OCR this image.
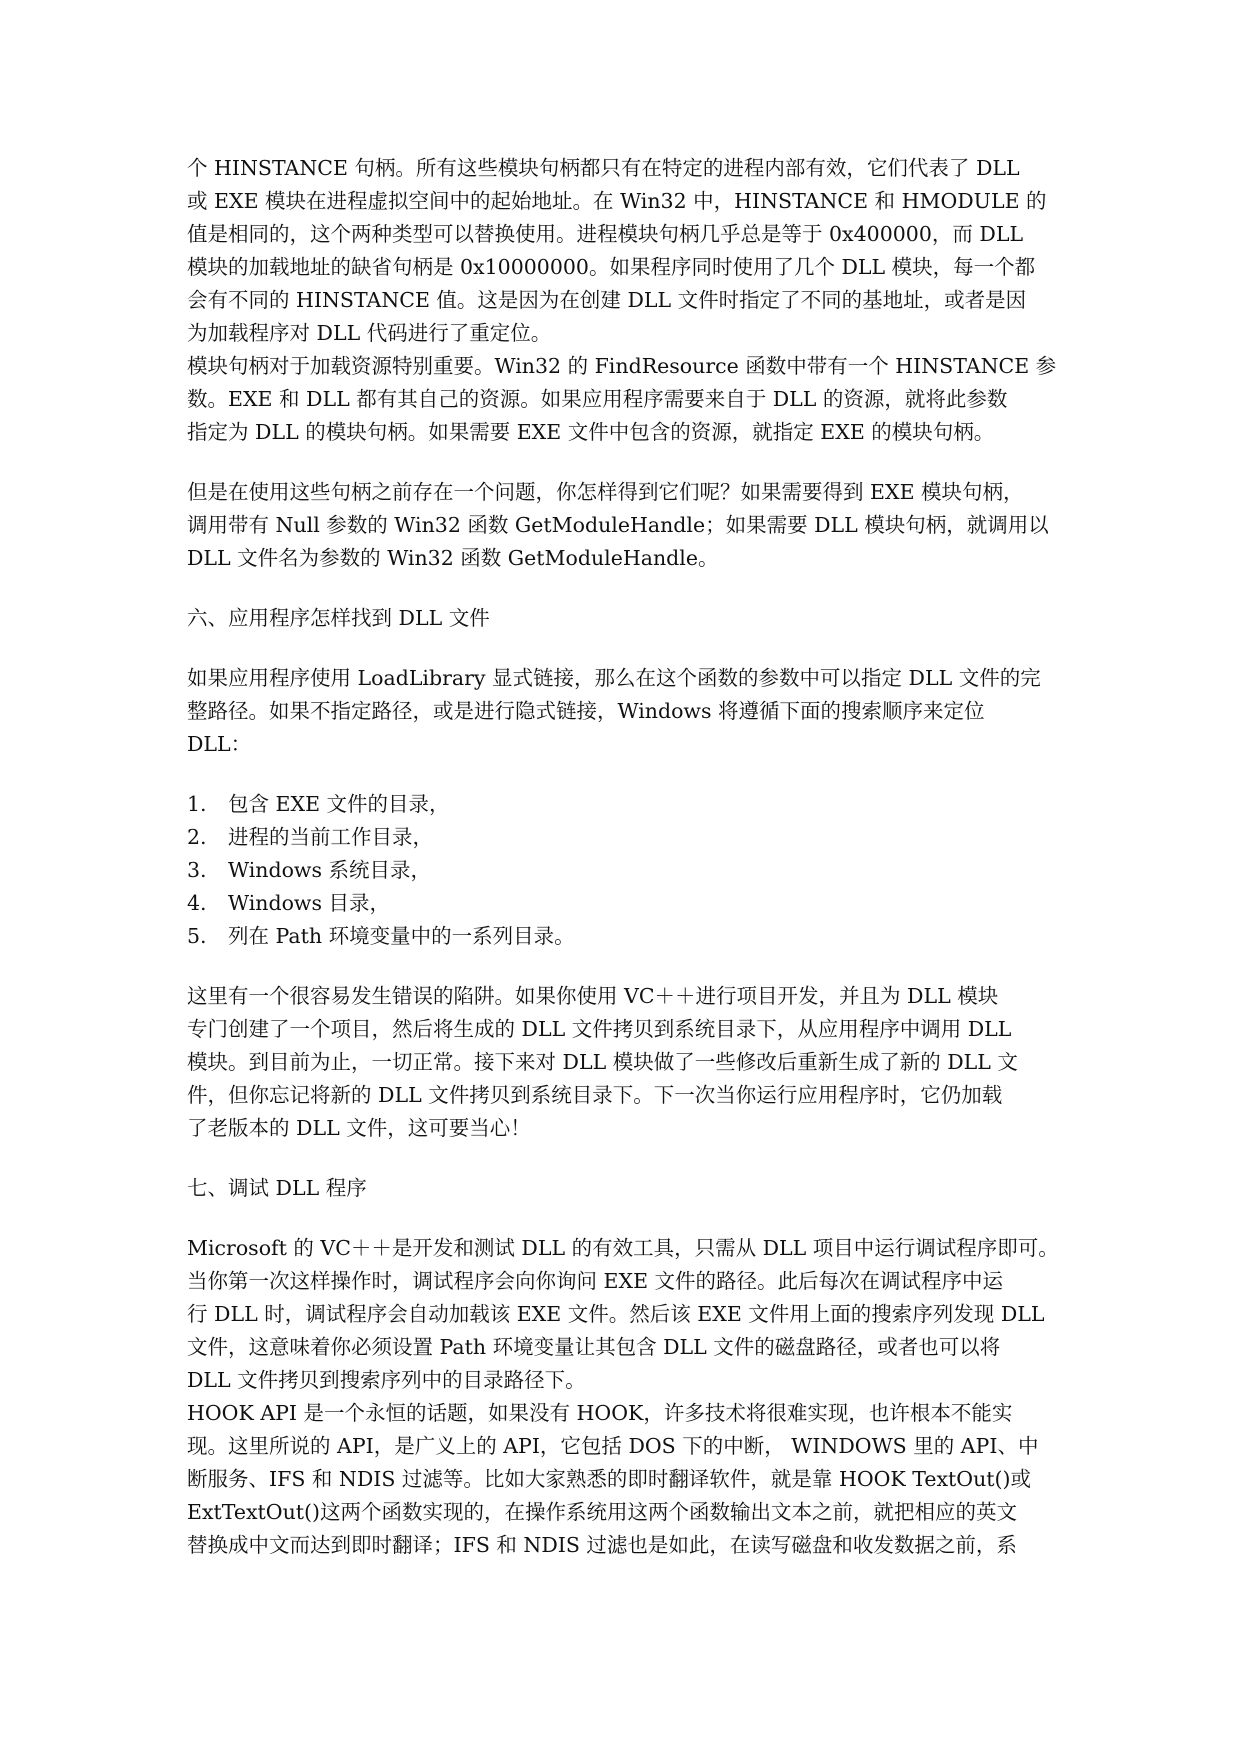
个 HINSTANCE 句柄。所有这些模块句柄都只有在特定的进程内部有效，它们代表了 DLL
或 EXE 模块在进程虚拟空间中的起始地址。在 Win32 中，HINSTANCE 和 HMODULE 的
值是相同的，这个两种类型可以替换使用。进程模块句柄几乎总是等于 0x400000，而 DLL
模块的加载地址的缺省句柄是 0x10000000。如果程序同时使用了几个 DLL 模块，每一个都
会有不同的 HINSTANCE 值。这是因为在创建 DLL 文件时指定了不同的基地址，或者是因
为加载程序对 DLL 代码进行了重定位。
模块句柄对于加载资源特别重要。Win32 的 FindResource 函数中带有一个 HINSTANCE 参
数。EXE 和 DLL 都有其自己的资源。如果应用程序需要来自于 DLL 的资源，就将此参数
指定为 DLL 的模块句柄。如果需要 EXE 文件中包含的资源，就指定 EXE 的模块句柄。
但是在使用这些句柄之前存在一个问题，你怎样得到它们呢？如果需要得到 EXE 模块句柄，
调用带有 Null 参数的 Win32 函数 GetModuleHandle；如果需要 DLL 模块句柄，就调用以
DLL 文件名为参数的 Win32 函数 GetModuleHandle。
六、应用程序怎样找到 DLL 文件
如果应用程序使用 LoadLibrary 显式链接，那么在这个函数的参数中可以指定 DLL 文件的完
整路径。如果不指定路径，或是进行隐式链接，Windows 将遵循下面的搜索顺序来定位
DLL：
1.	包含 EXE 文件的目录，
2.	进程的当前工作目录，
3.	Windows 系统目录，
4.	Windows 目录，
5.	列在 Path 环境变量中的一系列目录。
这里有一个很容易发生错误的陷阱。如果你使用 VC＋＋进行项目开发，并且为 DLL 模块
专门创建了一个项目，然后将生成的 DLL 文件拷贝到系统目录下，从应用程序中调用 DLL
模块。到目前为止，一切正常。接下来对 DLL 模块做了一些修改后重新生成了新的 DLL 文
件，但你忘记将新的 DLL 文件拷贝到系统目录下。下一次当你运行应用程序时，它仍加载
了老版本的 DLL 文件，这可要当心！
七、调试 DLL 程序
Microsoft 的 VC＋＋是开发和测试 DLL 的有效工具，只需从 DLL 项目中运行调试程序即可。
当你第一次这样操作时，调试程序会向你询问 EXE 文件的路径。此后每次在调试程序中运
行 DLL 时，调试程序会自动加载该 EXE 文件。然后该 EXE 文件用上面的搜索序列发现 DLL
文件，这意味着你必须设置 Path 环境变量让其包含 DLL 文件的磁盘路径，或者也可以将
DLL 文件拷贝到搜索序列中的目录路径下。
HOOK API 是一个永恒的话题，如果没有 HOOK，许多技术将很难实现，也许根本不能实
现。这里所说的 API，是广义上的 API，它包括 DOS 下的中断， WINDOWS 里的 API、中
断服务、IFS 和 NDIS 过滤等。比如大家熟悉的即时翻译软件，就是靠 HOOK TextOut()或
ExtTextOut()这两个函数实现的，在操作系统用这两个函数输出文本之前，就把相应的英文
替换成中文而达到即时翻译；IFS 和 NDIS 过滤也是如此，在读写磁盘和收发数据之前，系
